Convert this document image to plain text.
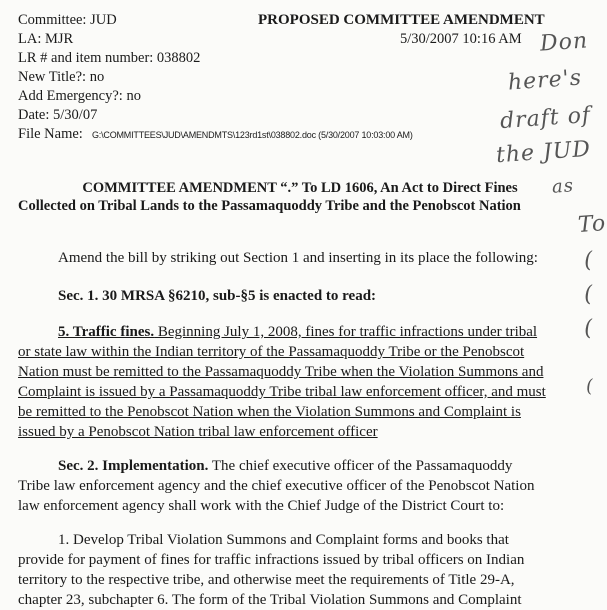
Committee: JUD
LA: MJR
LR # and item number: 038802
New Title?: no
Add Emergency?: no
Date: 5/30/07
File Name: G:\COMMITTEES\JUD\AMENDMTS\123rd1st\038802.doc (5/30/2007 10:03:00 AM)
PROPOSED COMMITTEE AMENDMENT
5/30/2007 10:16 AM
COMMITTEE AMENDMENT “.” To LD 1606, An Act to Direct Fines
Collected on Tribal Lands to the Passamaquoddy Tribe and the Penobscot Nation
Amend the bill by striking out Section 1 and inserting in its place the following:
Sec. 1. 30 MRSA §6210, sub-§5 is enacted to read:
5. Traffic fines. Beginning July 1, 2008, fines for traffic infractions under tribal
or state law within the Indian territory of the Passamaquoddy Tribe or the Penobscot
Nation must be remitted to the Passamaquoddy Tribe when the Violation Summons and
Complaint is issued by a Passamaquoddy Tribe tribal law enforcement officer, and must
be remitted to the Penobscot Nation when the Violation Summons and Complaint is
issued by a Penobscot Nation tribal law enforcement officer
Sec. 2. Implementation. The chief executive officer of the Passamaquoddy
Tribe law enforcement agency and the chief executive officer of the Penobscot Nation
law enforcement agency shall work with the Chief Judge of the District Court to:
1. Develop Tribal Violation Summons and Complaint forms and books that
provide for payment of fines for traffic infractions issued by tribal officers on Indian
territory to the respective tribe, and otherwise meet the requirements of Title 29-A,
chapter 23, subchapter 6. The form of the Tribal Violation Summons and Complaint
Don
here's
draft of
the JUD
as
To
(
(
(
(
